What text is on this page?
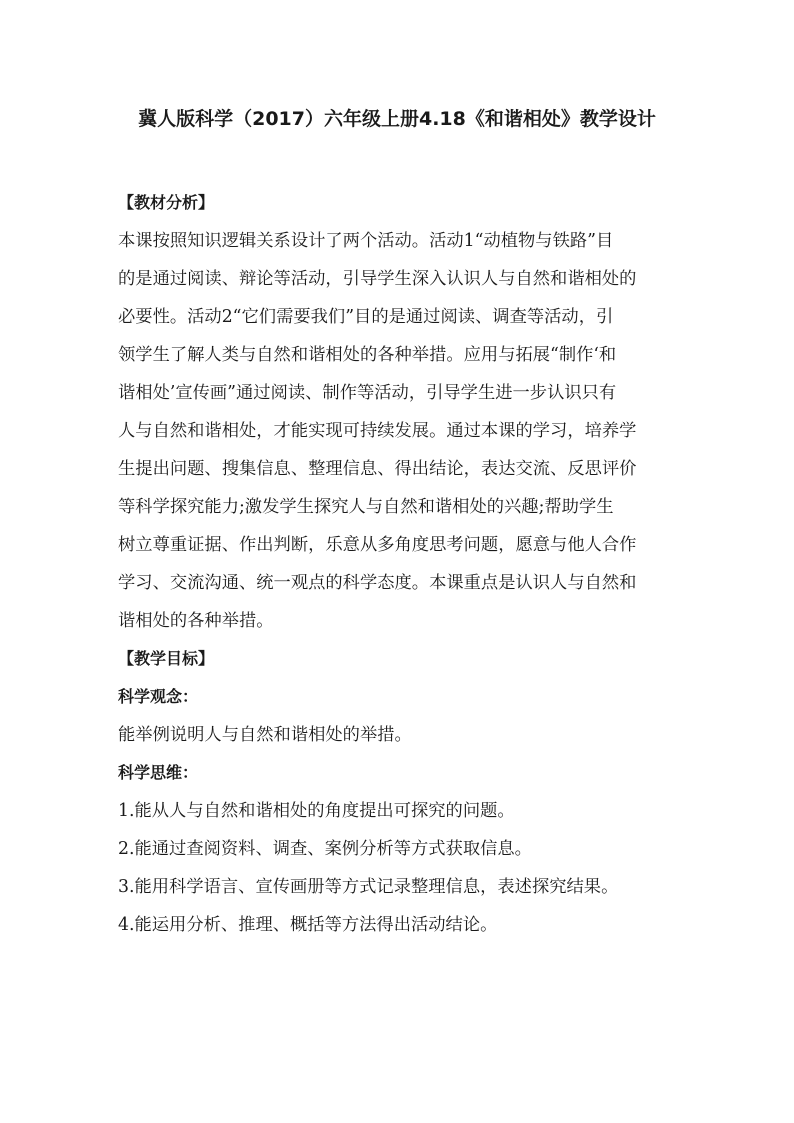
冀人版科学（2017）六年级上册4.18《和谐相处》教学设计
【教材分析】
本课按照知识逻辑关系设计了两个活动。活动1“动植物与铁路”目
的是通过阅读、辩论等活动，引导学生深入认识人与自然和谐相处的
必要性。活动2“它们需要我们”目的是通过阅读、调查等活动，引
领学生了解人类与自然和谐相处的各种举措。应用与拓展“制作‘和
谐相处’宣传画”通过阅读、制作等活动，引导学生进一步认识只有
人与自然和谐相处，才能实现可持续发展。通过本课的学习，培养学
生提出问题、搜集信息、整理信息、得出结论，表达交流、反思评价
等科学探究能力;激发学生探究人与自然和谐相处的兴趣;帮助学生
树立尊重证据、作出判断，乐意从多角度思考问题，愿意与他人合作
学习、交流沟通、统一观点的科学态度。本课重点是认识人与自然和
谐相处的各种举措。
【教学目标】
科学观念：
能举例说明人与自然和谐相处的举措。
科学思维：
1.能从人与自然和谐相处的角度提出可探究的问题。
2.能通过查阅资料、调查、案例分析等方式获取信息。
3.能用科学语言、宣传画册等方式记录整理信息，表述探究结果。
4.能运用分析、推理、概括等方法得出活动结论。
